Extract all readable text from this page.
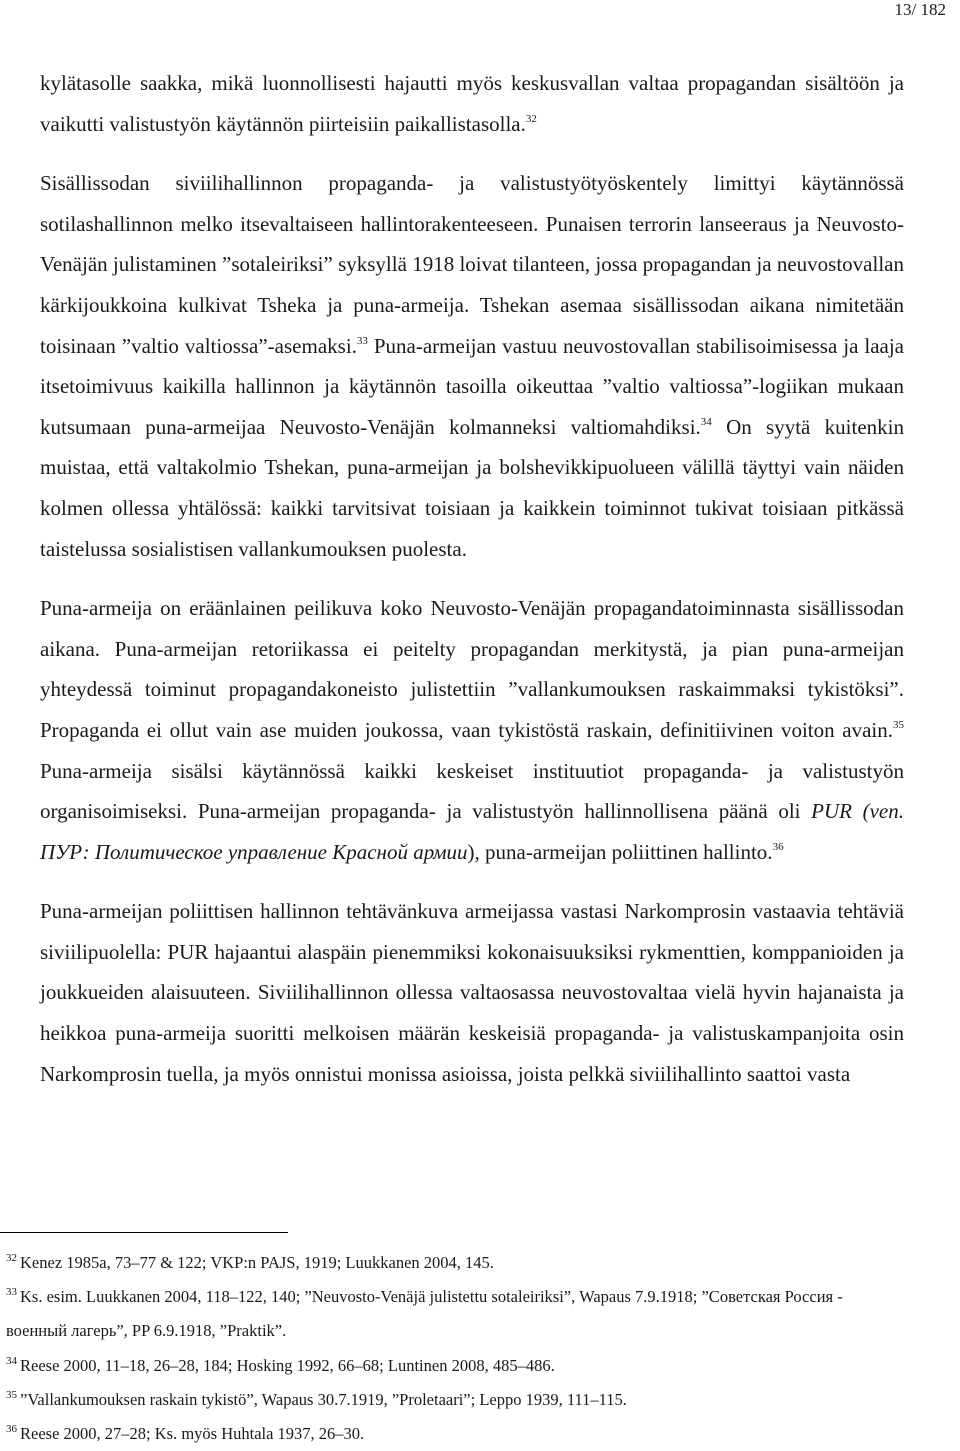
13/ 182

kylätasolle saakka, mikä luonnollisesti hajautti myös keskusvallan valtaa propagandan sisältöön ja vaikutti valistustyön käytännön piirteisiin paikallistasolla.$^{32}$

Sisällissodan siviilihallinnon propaganda- ja valistustyötyöskentely limittyi käytännössä sotilashallinnon melko itsevaltaiseen hallintorakenteeseen. Punaisen terrorin lanseeraus ja Neuvosto-Venäjän julistaminen ”sotaleiriksi” syksyllä 1918 loivat tilanteen, jossa propagandan ja neuvostovallan kärkijoukkoina kulkivat Tsheka ja puna-armeija. Tshekan asemaa sisällissodan aikana nimitetään toisinaan ”valtio valtiossa”-asemaksi.$^{33}$ Puna-armeijan vastuu neuvostovallan stabilisoimisessa ja laaja itsetoimivuus kaikilla hallinnon ja käytännön tasoilla oikeuttaa ”valtio valtiossa”-logiikan mukaan kutsumaan puna-armeijaa Neuvosto-Venäjän kolmanneksi valtiomahdiksi.$^{34}$ On syytä kuitenkin muistaa, että valtakolmio Tshekan, puna-armeijan ja bolshevikkipuolueen välillä täyttyi vain näiden kolmen ollessa yhtälössä: kaikki tarvitsivat toisiaan ja kaikkein toiminnot tukivat toisiaan pitkässä taistelussa sosialistisen vallankumouksen puolesta.

Puna-armeija on eräänlainen peilikuva koko Neuvosto-Venäjän propagandatoiminnasta sisällissodan aikana. Puna-armeijan retoriikassa ei peitelty propagandan merkitystä, ja pian puna-armeijan yhteydessä toiminut propagandakoneisto julistettiin ”vallankumouksen raskaimmaksi tykistöksi”. Propaganda ei ollut vain ase muiden joukossa, vaan tykistöstä raskain, definitiivinen voiton avain.$^{35}$ Puna-armeija sisälsi käytännössä kaikki keskeiset instituutiot propaganda- ja valistustyön organisoimiseksi. Puna-armeijan propaganda- ja valistustyön hallinnollisena päänä oli PUR (ven. ПУР: Политическое управление Красной армии), puna-armeijan poliittinen hallinto.$^{36}$

Puna-armeijan poliittisen hallinnon tehtävänkuva armeijassa vastasi Narkomprosin vastaavia tehtäviä siviilipuolella: PUR hajaantui alaspäin pienemmiksi kokonaisuuksiksi rykmenttien, komppanioiden ja joukkueiden alaisuuteen. Siviilihallinnon ollessa valtaosassa neuvostovaltaa vielä hyvin hajanaista ja heikkoa puna-armeija suoritti melkoisen määrän keskeisiä propaganda- ja valistuskampanjoita osin Narkomprosin tuella, ja myös onnistui monissa asioissa, joista pelkkä siviilihallinto saattoi vasta

$^{32}$ Kenez 1985a, 73–77 & 122; VKP:n PAJS, 1919; Luukkanen 2004, 145.

$^{33}$ Ks. esim. Luukkanen 2004, 118–122, 140; ”Neuvosto-Venäjä julistettu sotaleiriksi”, Wapaus 7.9.1918; ”Советская Россия - военный лагерь”, PP 6.9.1918, ”Praktik”.

$^{34}$ Reese 2000, 11–18, 26–28, 184; Hosking 1992, 66–68; Luntinen 2008, 485–486.

$^{35}$ ”Vallankumouksen raskain tykistö”, Wapaus 30.7.1919, ”Proletaari”; Leppo 1939, 111–115.

$^{36}$ Reese 2000, 27–28; Ks. myös Huhtala 1937, 26–30.
